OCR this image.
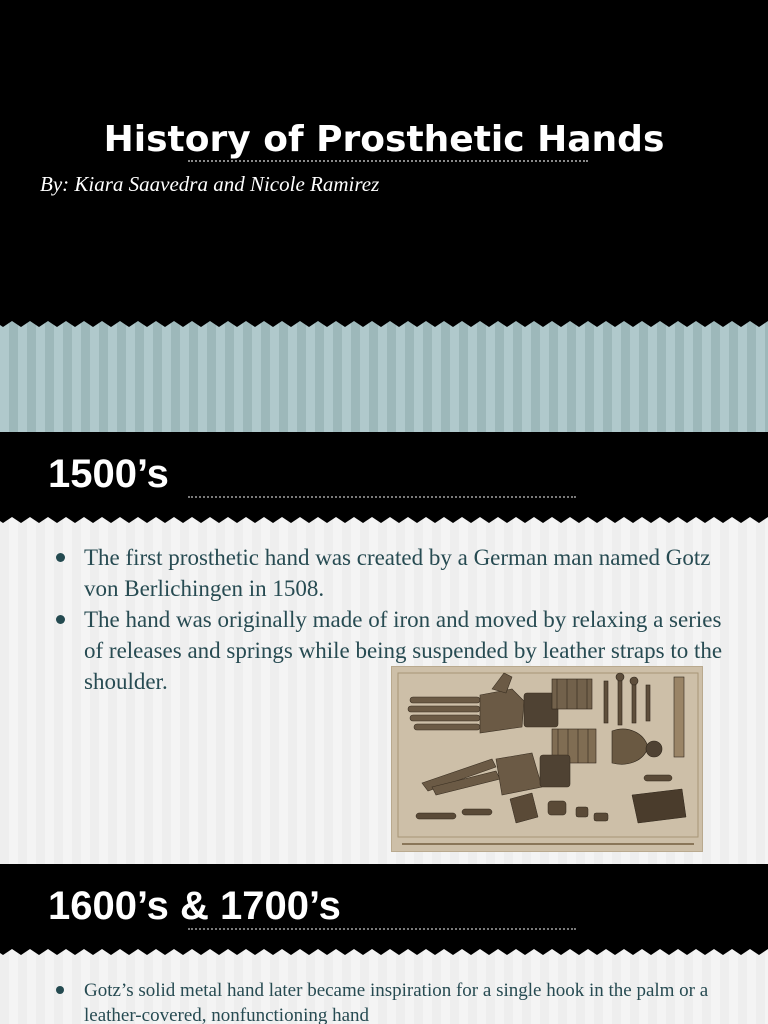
History of Prosthetic Hands
By: Kiara Saavedra and Nicole Ramirez
1500’s
The first prosthetic hand was created by a German man named Gotz von Berlichingen in 1508.
The hand was originally made of iron and moved by relaxing a series of releases and springs while being suspended by leather straps to the shoulder.
1600’s & 1700’s
Gotz’s solid metal hand later became inspiration for a single hook in the palm or a leather-covered, nonfunctioning hand
